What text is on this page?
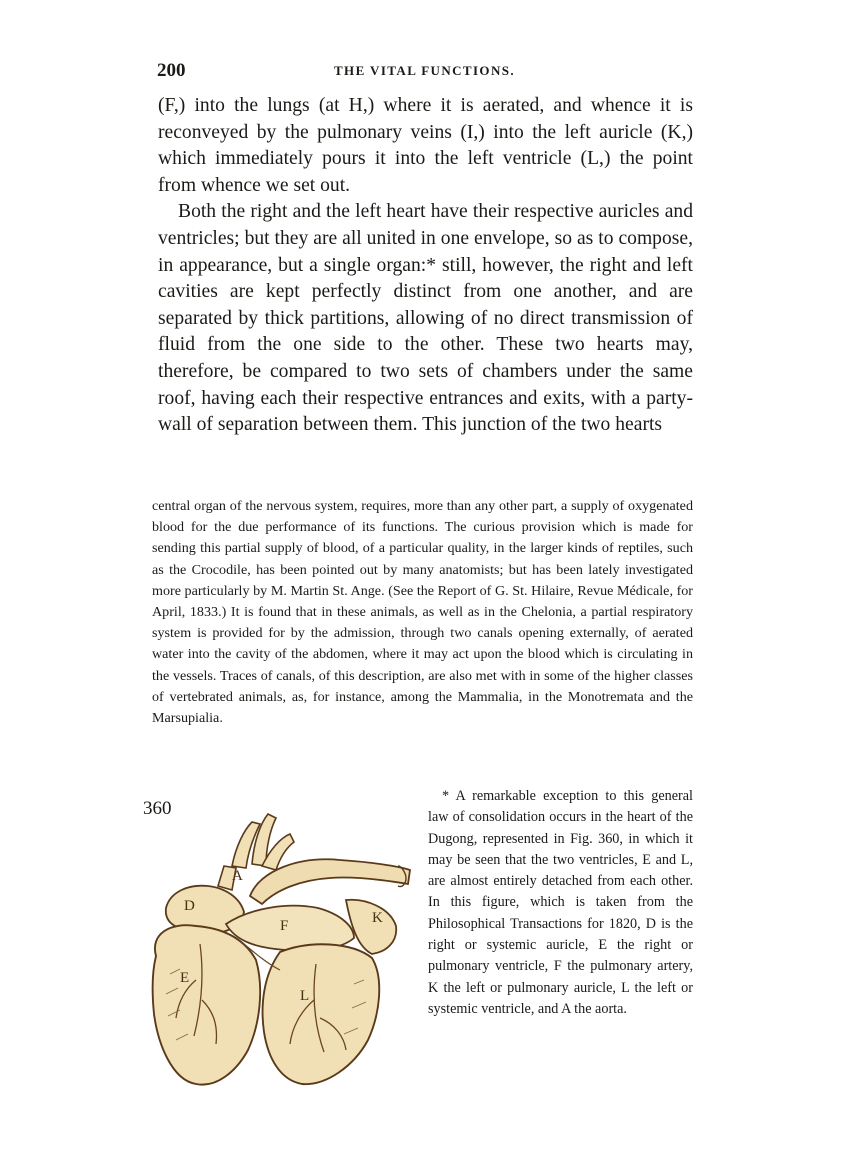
200	THE VITAL FUNCTIONS.

(F,) into the lungs (at H,) where it is aerated, and whence it is reconveyed by the pulmonary veins (I,) into the left auricle (K,) which immediately pours it into the left ventricle (L,) the point from whence we set out.

Both the right and the left heart have their respective auricles and ventricles; but they are all united in one envelope, so as to compose, in appearance, but a single organ:* still, however, the right and left cavities are kept perfectly distinct from one another, and are separated by thick partitions, allowing of no direct transmission of fluid from the one side to the other. These two hearts may, therefore, be compared to two sets of chambers under the same roof, having each their respective entrances and exits, with a party-wall of separation between them. This junction of the two hearts

central organ of the nervous system, requires, more than any other part, a supply of oxygenated blood for the due performance of its functions. The curious provision which is made for sending this partial supply of blood, of a particular quality, in the larger kinds of reptiles, such as the Crocodile, has been pointed out by many anatomists; but has been lately investigated more particularly by M. Martin St. Ange. (See the Report of G. St. Hilaire, Revue Médicale, for April, 1833.) It is found that in these animals, as well as in the Chelonia, a partial respiratory system is provided for by the admission, through two canals opening externally, of aerated water into the cavity of the abdomen, where it may act upon the blood which is circulating in the vessels. Traces of canals, of this description, are also met with in some of the higher classes of vertebrated animals, as, for instance, among the Mammalia, in the Monotremata and the Marsupialia.

A
D
F	K
E
L
360

* A remarkable exception to this general law of consolidation occurs in the heart of the Dugong, represented in Fig. 360, in which it may be seen that the two ventricles, E and L, are almost entirely detached from each other. In this figure, which is taken from the Philosophical Transactions for 1820, D is the right or systemic auricle, E the right or pulmonary ventricle, F the pulmonary artery, K the left or pulmonary auricle, L the left or systemic ventricle, and A the aorta.
